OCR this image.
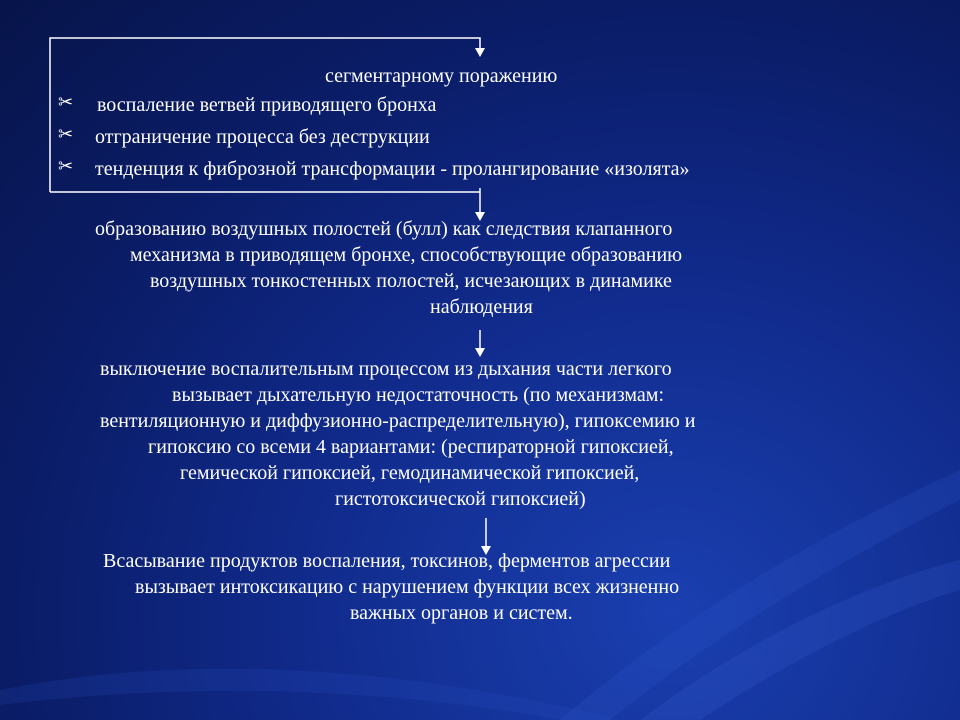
сегментарному поражению
✂ воспаление ветвей приводящего бронха
✂ отграничение процесса без деструкции
✂ тенденция к фиброзной трансформации - пролангирование «изолята»
образованию воздушных полостей (булл) как следствия клапанного
механизма в приводящем бронхе, способствующие образованию
воздушных тонкостенных полостей, исчезающих в динамике
наблюдения
выключение воспалительным процессом из дыхания части легкого
вызывает дыхательную недостаточность (по механизмам:
вентиляционную и диффузионно-распределительную), гипоксемию и
гипоксию со всеми 4 вариантами: (респираторной гипоксией,
гемической гипоксией, гемодинамической гипоксией,
гистотоксической гипоксией)
Всасывание продуктов воспаления, токсинов, ферментов агрессии
вызывает интоксикацию с нарушением функции всех жизненно
важных органов и систем.
